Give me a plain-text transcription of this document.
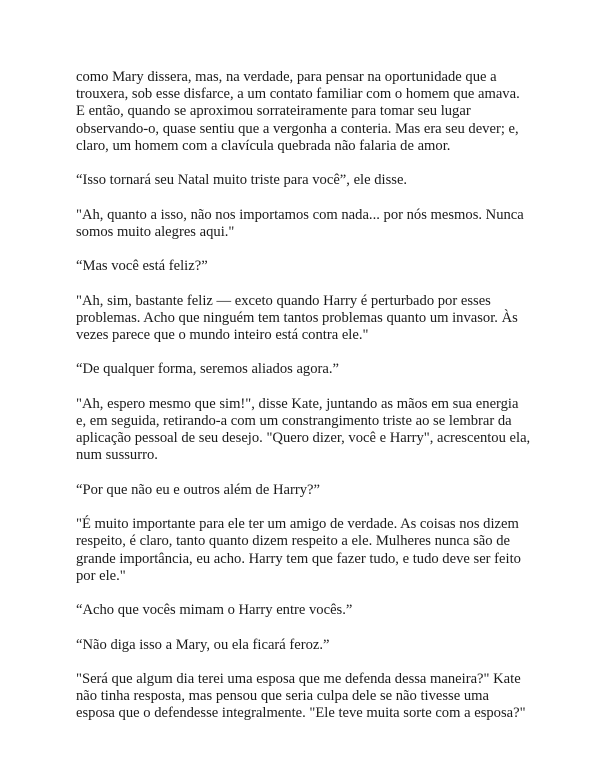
como Mary dissera, mas, na verdade, para pensar na oportunidade que a trouxera, sob esse disfarce, a um contato familiar com o homem que amava. E então, quando se aproximou sorrateiramente para tomar seu lugar observando-o, quase sentiu que a vergonha a conteria. Mas era seu dever; e, claro, um homem com a clavícula quebrada não falaria de amor.

“Isso tornará seu Natal muito triste para você”, ele disse.

"Ah, quanto a isso, não nos importamos com nada... por nós mesmos. Nunca somos muito alegres aqui."

“Mas você está feliz?”

"Ah, sim, bastante feliz — exceto quando Harry é perturbado por esses problemas. Acho que ninguém tem tantos problemas quanto um invasor. Às vezes parece que o mundo inteiro está contra ele."

“De qualquer forma, seremos aliados agora.”

"Ah, espero mesmo que sim!", disse Kate, juntando as mãos em sua energia e, em seguida, retirando-a com um constrangimento triste ao se lembrar da aplicação pessoal de seu desejo. "Quero dizer, você e Harry", acrescentou ela, num sussurro.

“Por que não eu e outros além de Harry?”

"É muito importante para ele ter um amigo de verdade. As coisas nos dizem respeito, é claro, tanto quanto dizem respeito a ele. Mulheres nunca são de grande importância, eu acho. Harry tem que fazer tudo, e tudo deve ser feito por ele."

“Acho que vocês mimam o Harry entre vocês.”

“Não diga isso a Mary, ou ela ficará feroz.”

"Será que algum dia terei uma esposa que me defenda dessa maneira?" Kate não tinha resposta, mas pensou que seria culpa dele se não tivesse uma esposa que o defendesse integralmente. "Ele teve muita sorte com a esposa?"
